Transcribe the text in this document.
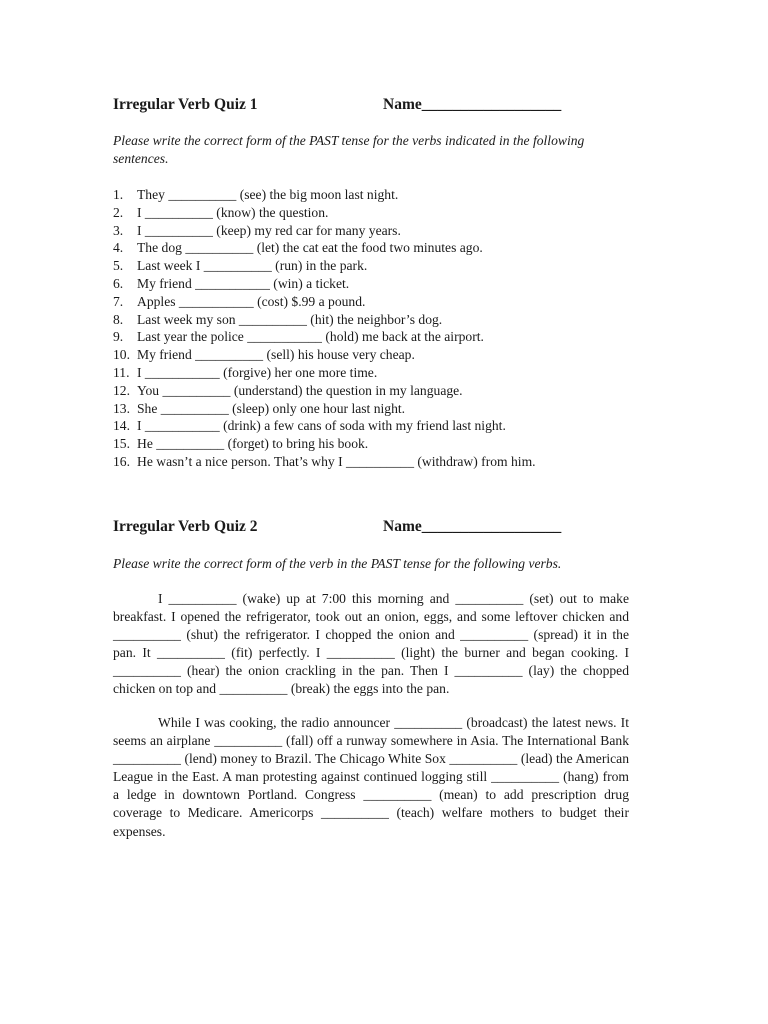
Irregular Verb Quiz 1	Name__________________
Please write the correct form of the PAST tense for the verbs indicated in the following sentences.
1. They __________ (see) the big moon last night.
2. I __________ (know) the question.
3. I __________ (keep) my red car for many years.
4. The dog __________ (let) the cat eat the food two minutes ago.
5. Last week I __________ (run) in the park.
6. My friend ___________ (win) a ticket.
7. Apples ___________ (cost) $.99 a pound.
8. Last week my son __________ (hit) the neighbor’s dog.
9. Last year the police ___________ (hold) me back at the airport.
10. My friend __________ (sell) his house very cheap.
11. I ___________ (forgive) her one more time.
12. You __________ (understand) the question in my language.
13. She __________ (sleep) only one hour last night.
14. I ___________ (drink) a few cans of soda with my friend last night.
15. He __________ (forget) to bring his book.
16. He wasn’t a nice person. That’s why I __________ (withdraw) from him.
Irregular Verb Quiz 2	Name__________________
Please write the correct form of the verb in the PAST tense for the following verbs.

I __________ (wake) up at 7:00 this morning and __________ (set) out to make breakfast. I opened the refrigerator, took out an onion, eggs, and some leftover chicken and __________ (shut) the refrigerator. I chopped the onion and __________ (spread) it in the pan. It __________ (fit) perfectly. I __________ (light) the burner and began cooking. I __________ (hear) the onion crackling in the pan. Then I __________ (lay) the chopped chicken on top and __________ (break) the eggs into the pan.

While I was cooking, the radio announcer __________ (broadcast) the latest news. It seems an airplane __________ (fall) off a runway somewhere in Asia. The International Bank __________ (lend) money to Brazil. The Chicago White Sox __________ (lead) the American League in the East. A man protesting against continued logging still __________ (hang) from a ledge in downtown Portland. Congress __________ (mean) to add prescription drug coverage to Medicare. Americorps __________ (teach) welfare mothers to budget their expenses.
